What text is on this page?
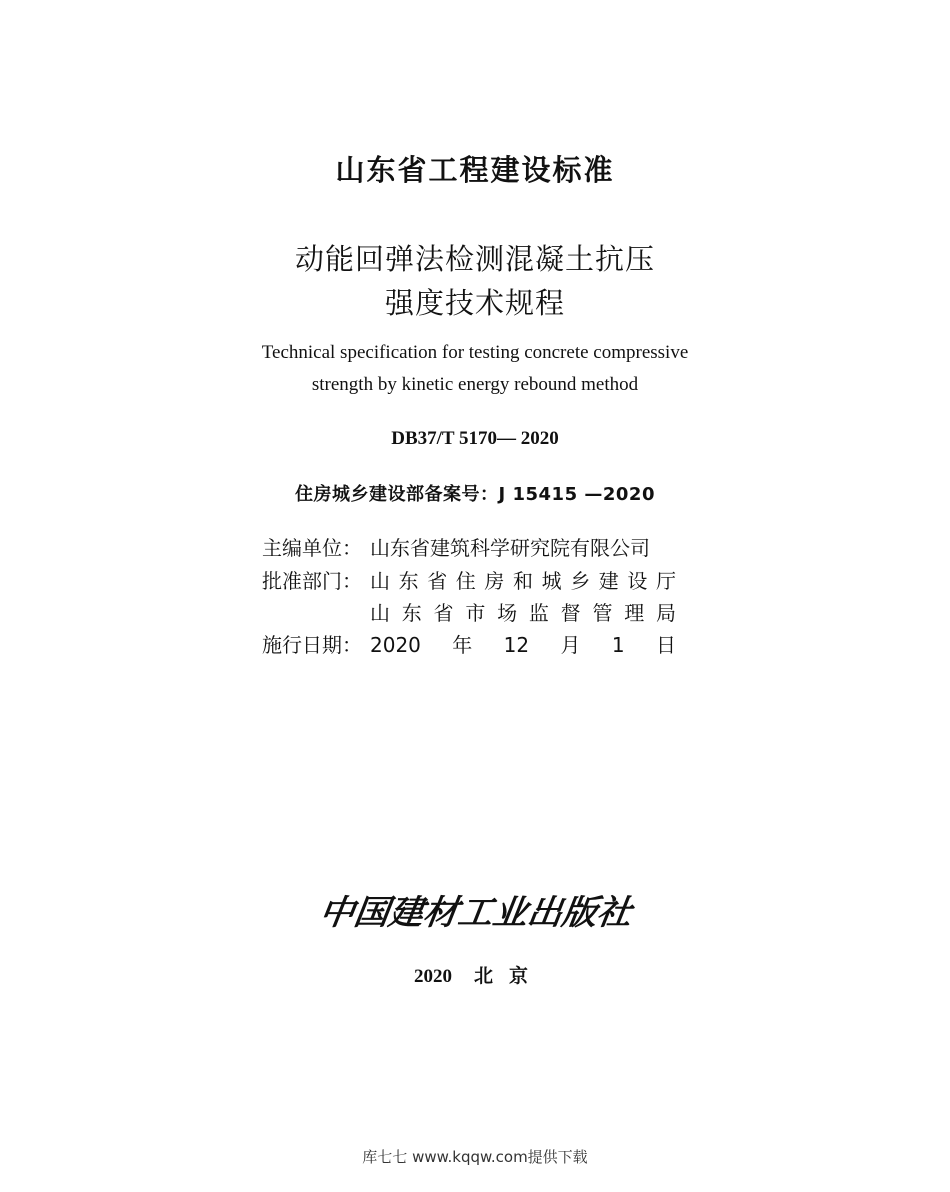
山东省工程建设标准
动能回弹法检测混凝土抗压
强度技术规程
Technical specification for testing concrete compressive
strength by kinetic energy rebound method
DB37/T 5170— 2020
住房城乡建设部备案号：J 15415 —2020
主编单位： 山东省建筑科学研究院有限公司
批准部门： 山东省住房和城乡建设厅
山东省市场监督管理局
施行日期： 2020年12月1日
中国建材工业出版社
2020 北 京
库七七 www.kqqw.com提供下载
